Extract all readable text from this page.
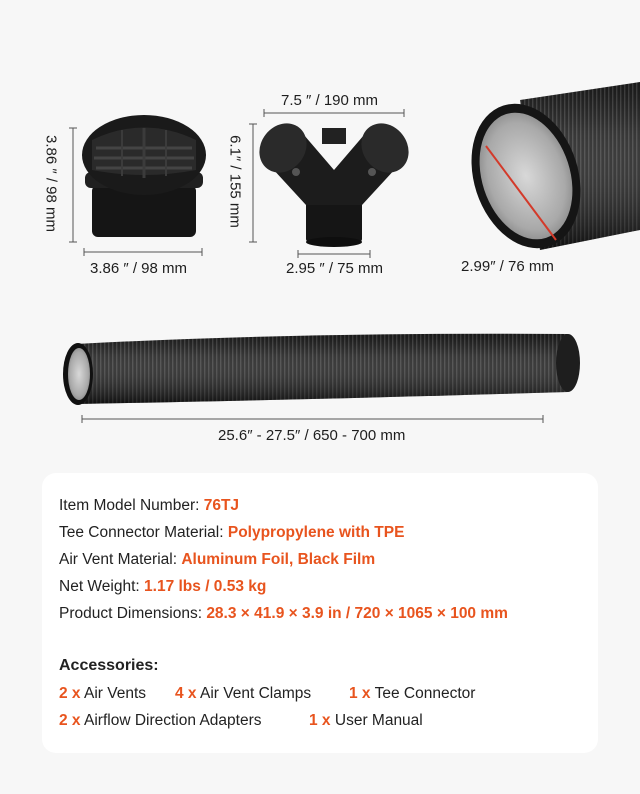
3.86 ″ / 98 mm
3.86 ″ / 98 mm
7.5 ″ / 190 mm
6.1″ / 155 mm
2.95 ″ / 75 mm	2.99″ / 76 mm
25.6″ - 27.5″ / 650 - 700 mm
Item Model Number: 76TJ
Tee Connector Material: Polypropylene with TPE
Air Vent Material: Aluminum Foil, Black Film
Net Weight: 1.17 lbs / 0.53 kg
Product Dimensions: 28.3 × 41.9 × 3.9 in / 720 × 1065 × 100 mm
Accessories:
2 x Air Vents 4 x Air Vent Clamps 1 x Tee Connector
2 x Airflow Direction Adapters	1 x User Manual
